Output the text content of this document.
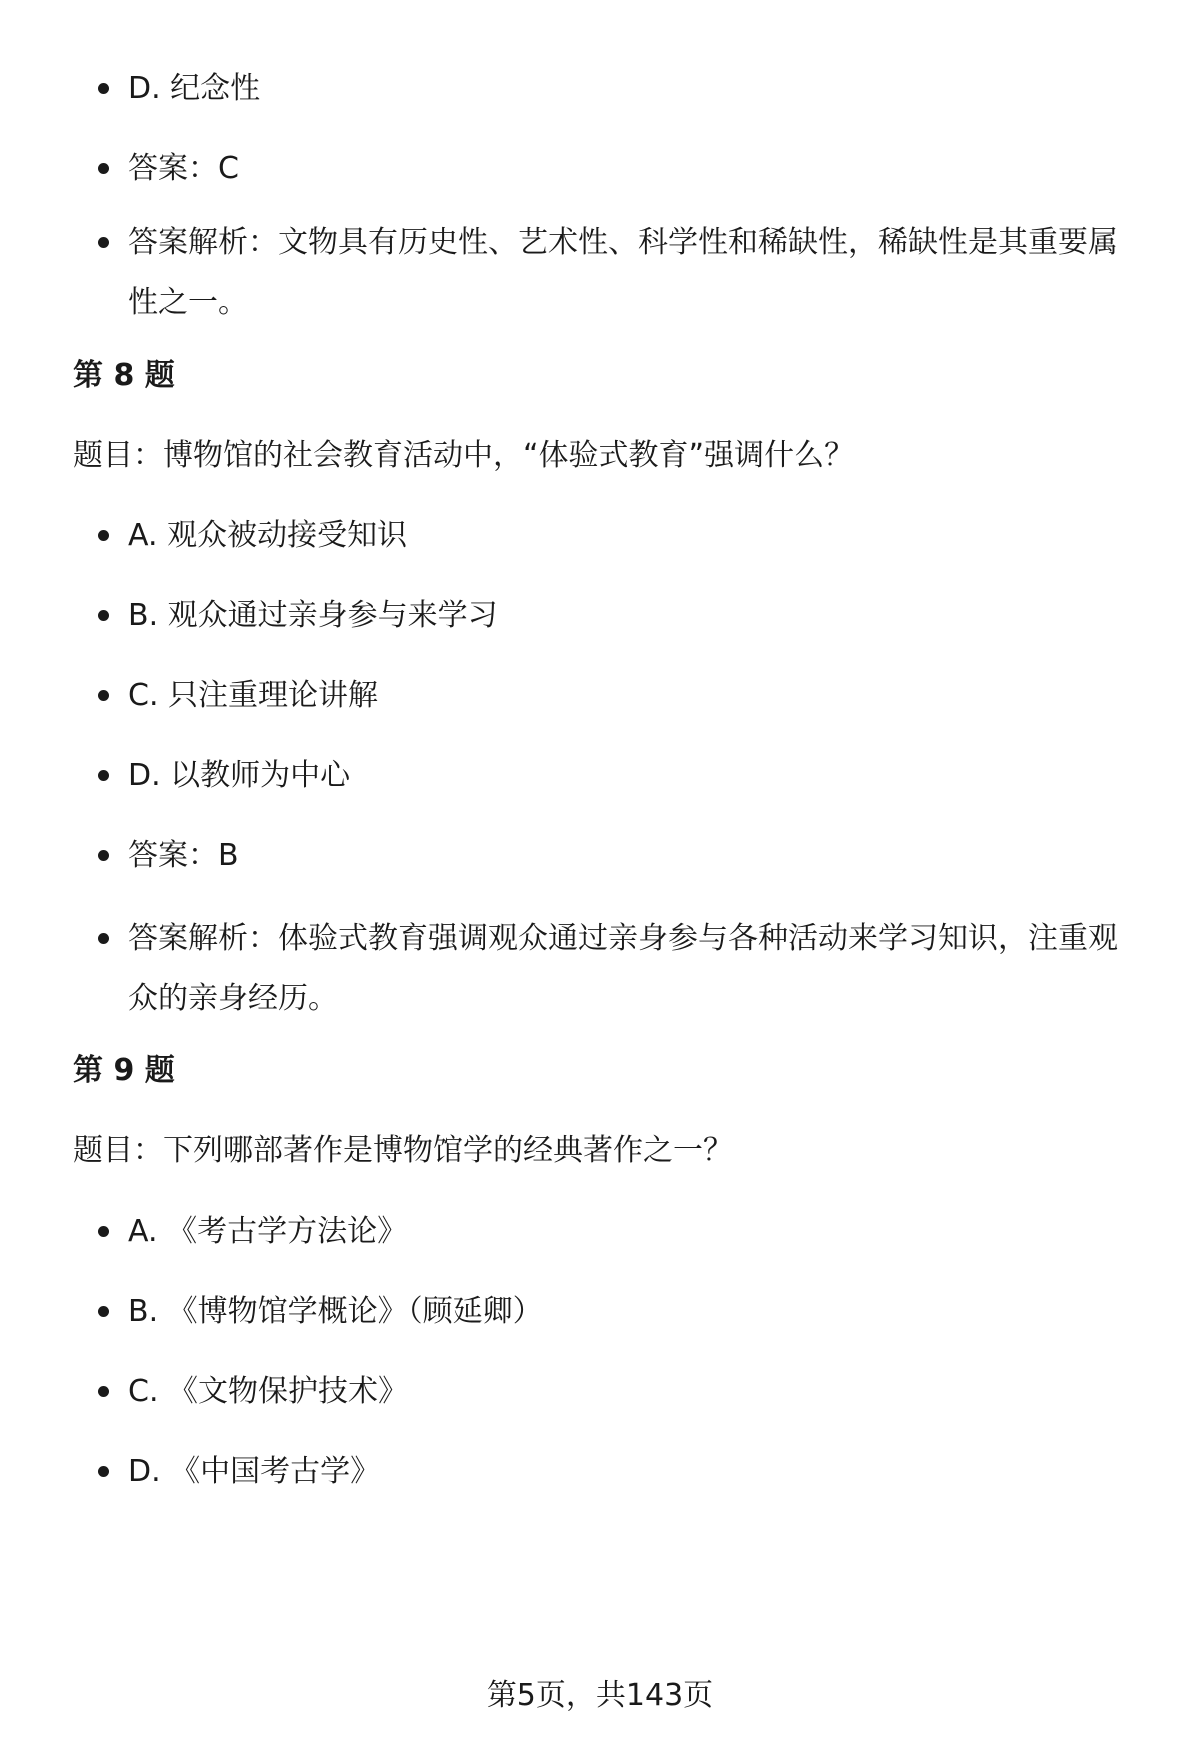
D. 纪念性
答案：C
答案解析：文物具有历史性、艺术性、科学性和稀缺性，稀缺性是其重要属性之一。
第 8 题
题目：博物馆的社会教育活动中，“体验式教育”强调什么？
A. 观众被动接受知识
B. 观众通过亲身参与来学习
C. 只注重理论讲解
D. 以教师为中心
答案：B
答案解析：体验式教育强调观众通过亲身参与各种活动来学习知识，注重观众的亲身经历。
第 9 题
题目：下列哪部著作是博物馆学的经典著作之一？
A. 《考古学方法论》
B. 《博物馆学概论》（顾延卿）
C. 《文物保护技术》
D. 《中国考古学》
第5页，共143页
